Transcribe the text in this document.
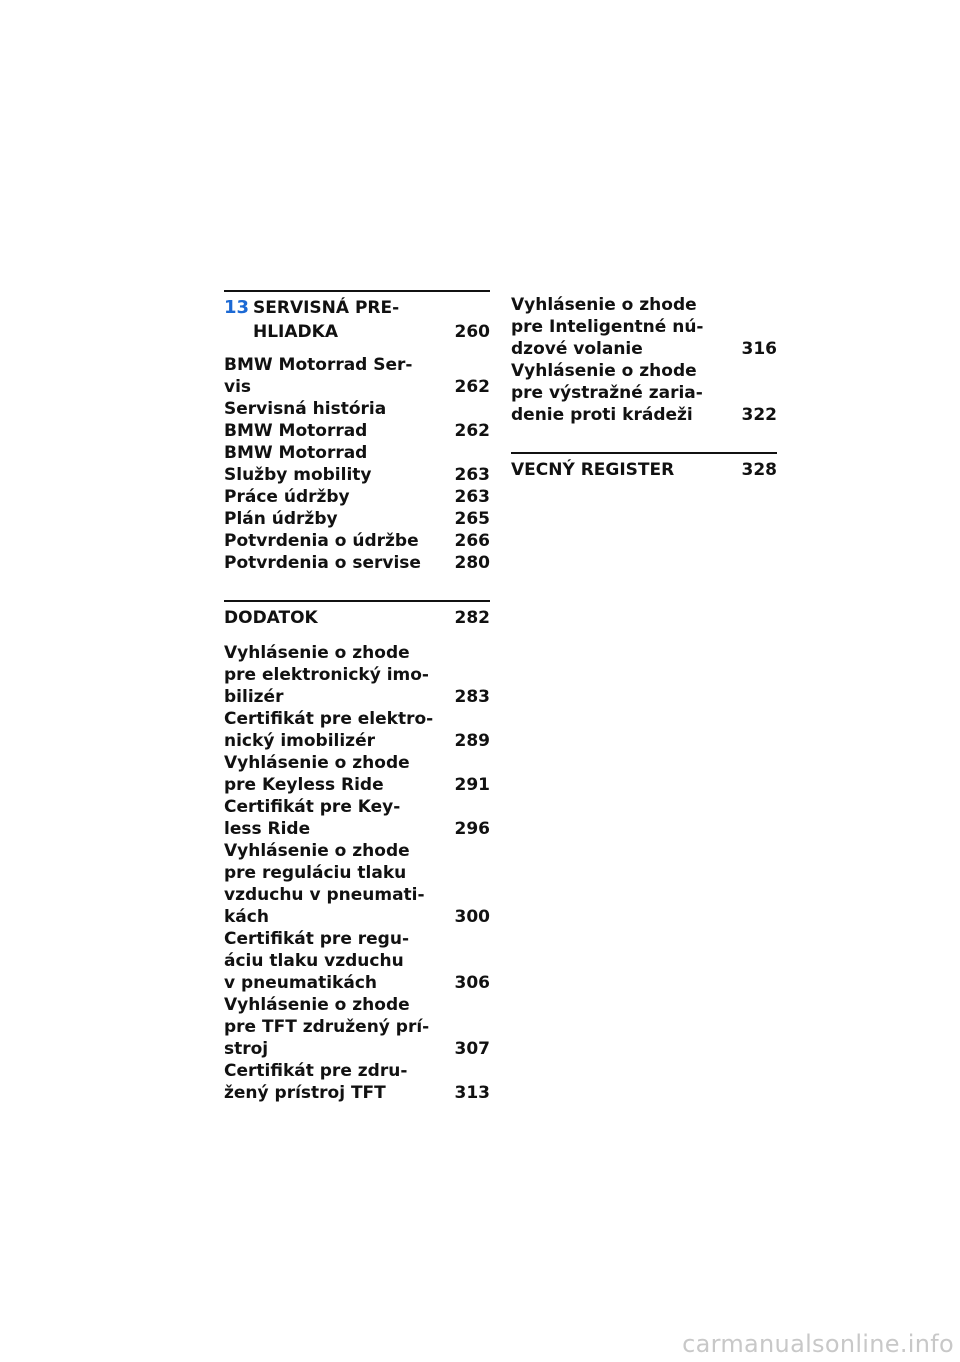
13 SERVISNÁ PRE-
HLIADKA	260
BMW Motorrad Ser-
vis	262
Servisná história
BMW Motorrad	262
BMW Motorrad
Služby mobility	263
Práce údržby	263
Plán údržby	265
Potvrdenia o údržbe	266
Potvrdenia o servise	280
DODATOK	282
Vyhlásenie o zhode
pre elektronický imo-
bilizér	283
Certifikát pre elektro-
nický imobilizér	289
Vyhlásenie o zhode
pre Keyless Ride	291
Certifikát pre Key-
less Ride	296
Vyhlásenie o zhode
pre reguláciu tlaku
vzduchu v pneumati-
kách	300
Certifikát pre regu-
áciu tlaku vzduchu
v pneumatikách	306
Vyhlásenie o zhode
pre TFT združený prí-
stroj	307
Certifikát pre zdru-
žený prístroj TFT	313
Vyhlásenie o zhode
pre Inteligentné nú-
dzové volanie	316
Vyhlásenie o zhode
pre výstražné zaria-
denie proti krádeži	322
VECNÝ REGISTER	328
carmanualsonline.info
